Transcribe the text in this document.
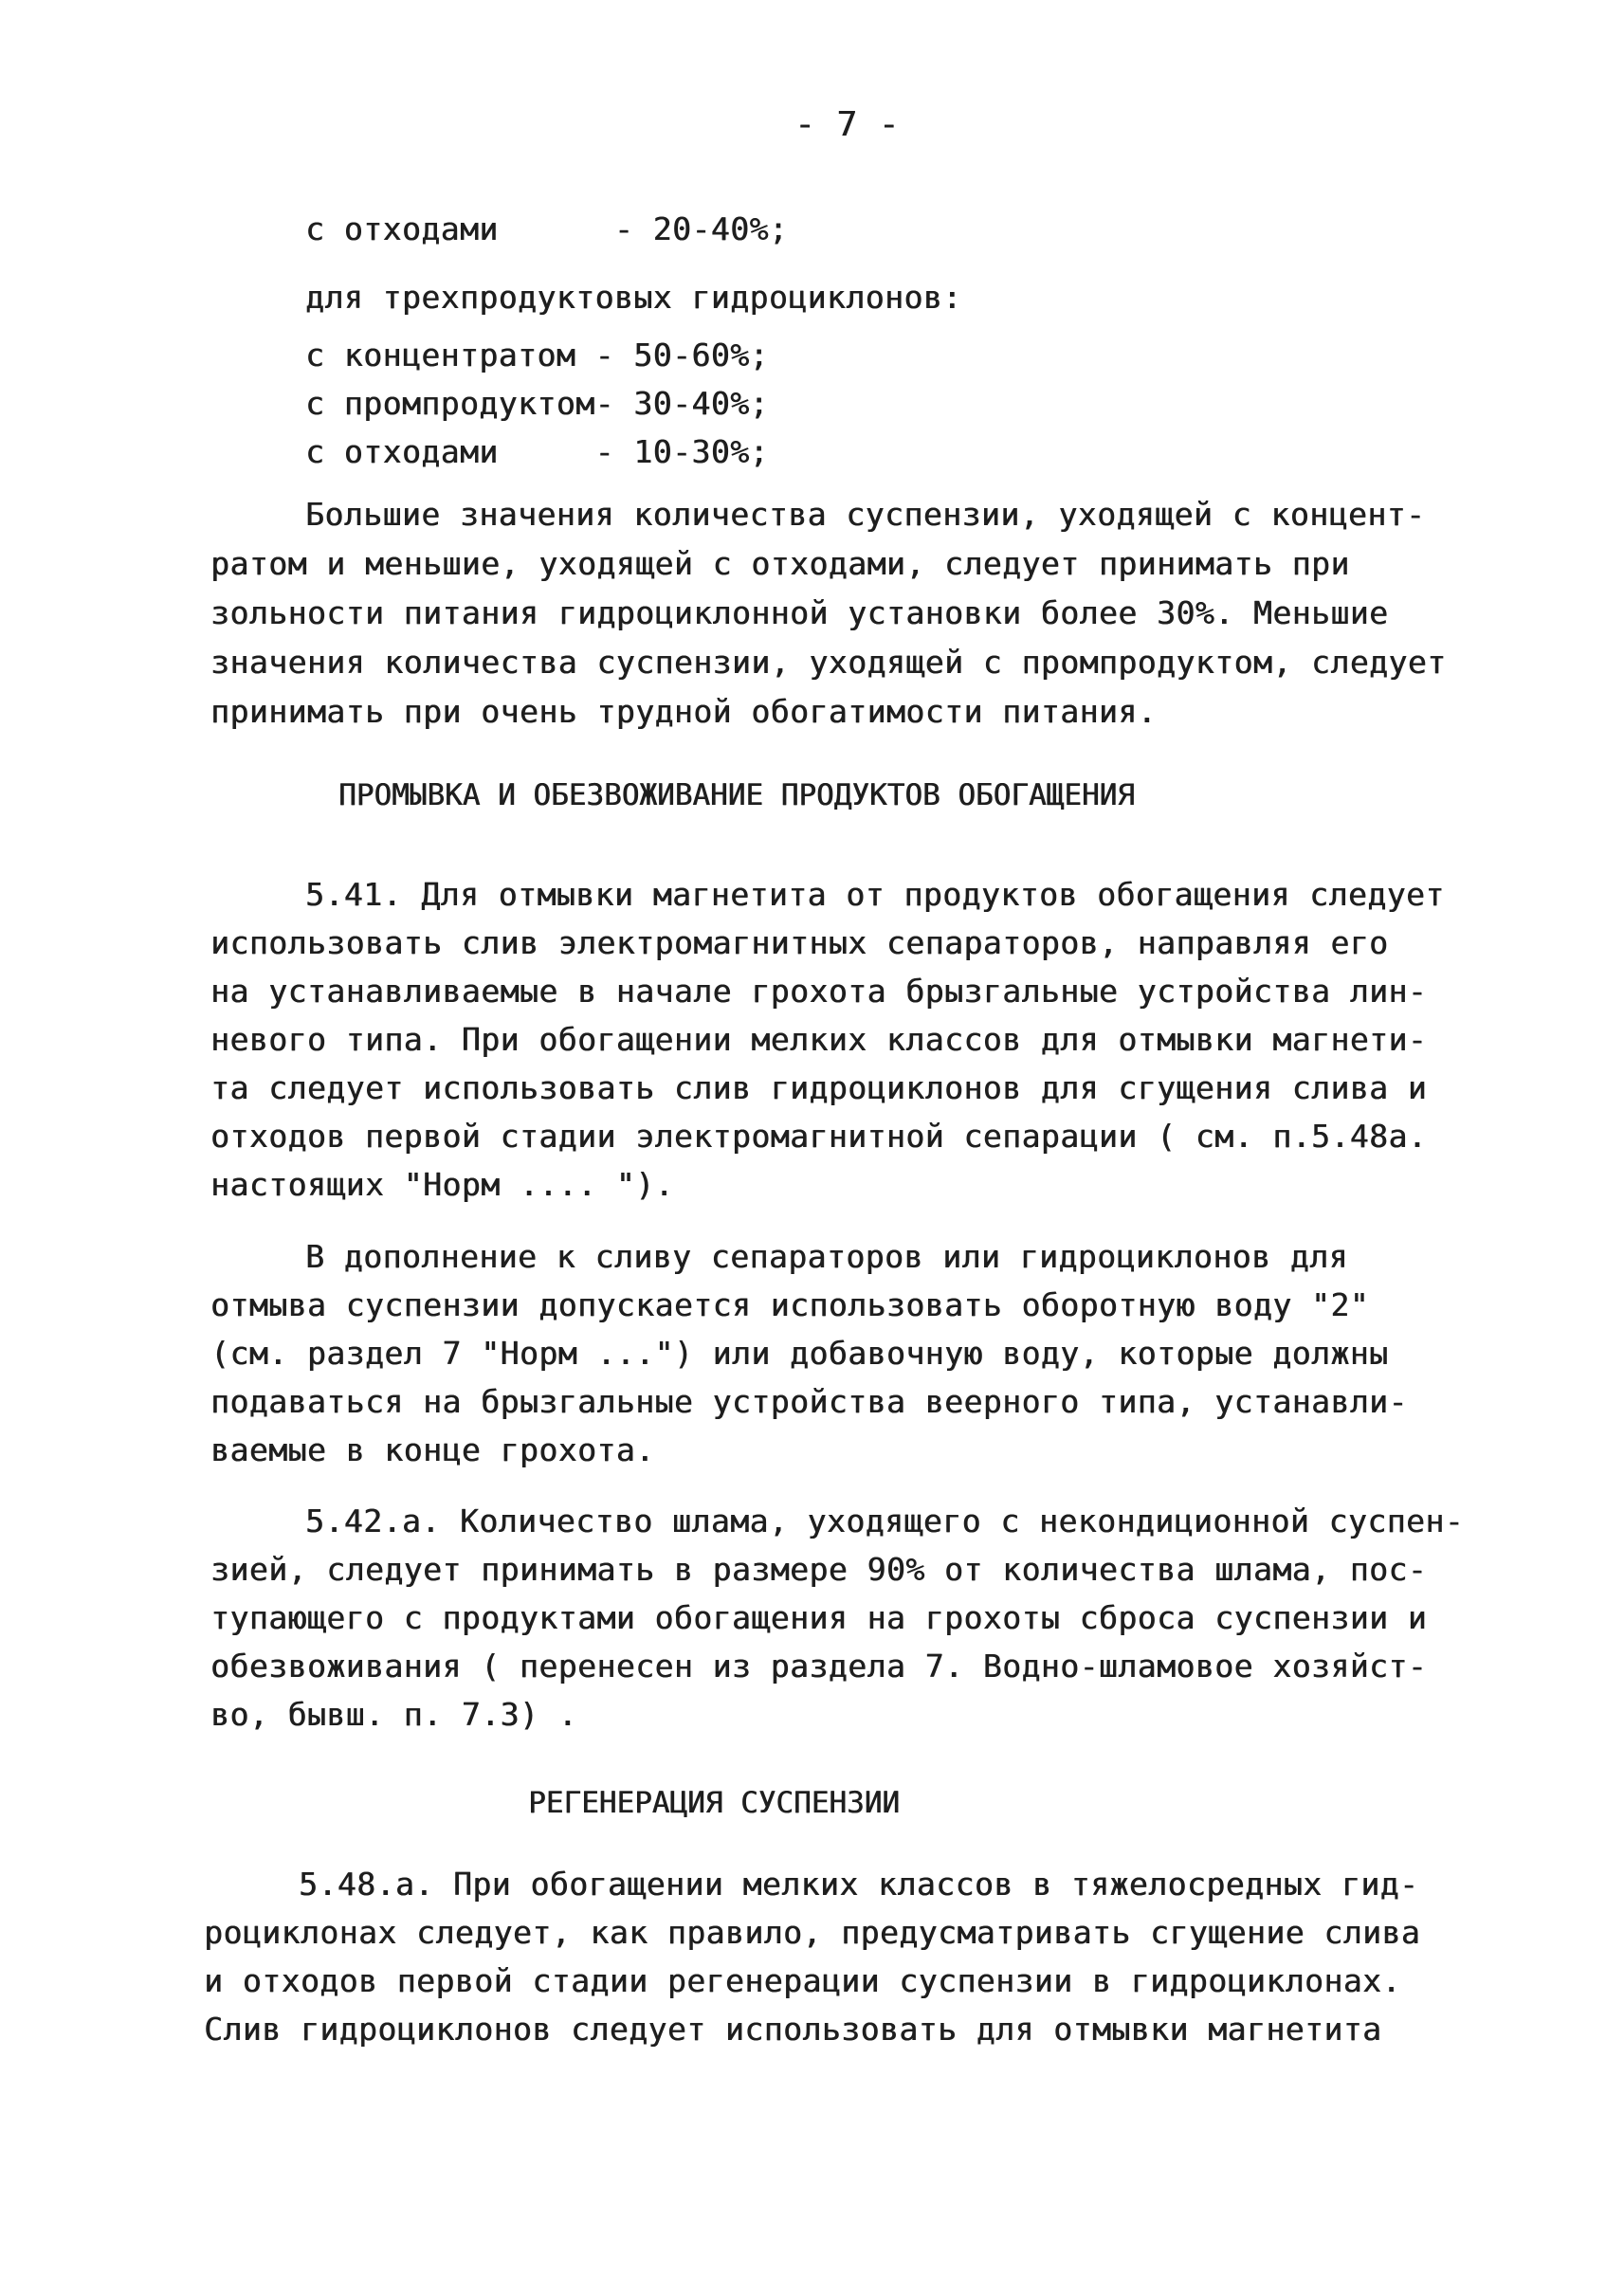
- 7 -
с отходами      - 20-40%;
для трехпродуктовых гидроциклонов:
с концентратом - 50-60%;
с промпродуктом- 30-40%;
с отходами     - 10-30%;
Большие значения количества суспензии, уходящей с концент-
ратом и меньшие, уходящей с отходами, следует принимать при
зольности питания гидроциклонной установки более 30%. Меньшие
значения количества суспензии, уходящей с промпродуктом, следует
принимать при очень трудной обогатимости питания.
ПРОМЫВКА И ОБЕЗВОЖИВАНИЕ ПРОДУКТОВ ОБОГАЩЕНИЯ
5.41. Для отмывки магнетита от продуктов обогащения следует
использовать слив электромагнитных сепараторов, направляя его
на устанавливаемые в начале грохота брызгальные устройства лин-
невого типа. При обогащении мелких классов для отмывки магнети-
та следует использовать слив гидроциклонов для сгущения слива и
отходов первой стадии электромагнитной сепарации ( см. п.5.48а.
настоящих "Норм .... ").
В дополнение к сливу сепараторов или гидроциклонов для
отмыва суспензии допускается использовать оборотную воду "2"
(см. раздел 7 "Норм ...") или добавочную воду, которые должны
подаваться на брызгальные устройства веерного типа, устанавли-
ваемые в конце грохота.
5.42.а. Количество шлама, уходящего с некондиционной суспен-
зией, следует принимать в размере 90% от количества шлама, пос-
тупающего с продуктами обогащения на грохоты сброса суспензии и
обезвоживания ( перенесен из раздела 7. Водно-шламовое хозяйст-
во, бывш. п. 7.3) .
РЕГЕНЕРАЦИЯ СУСПЕНЗИИ
5.48.а. При обогащении мелких классов в тяжелосредных гид-
роциклонах следует, как правило, предусматривать сгущение слива
и отходов первой стадии регенерации суспензии в гидроциклонах.
Слив гидроциклонов следует использовать для отмывки магнетита
